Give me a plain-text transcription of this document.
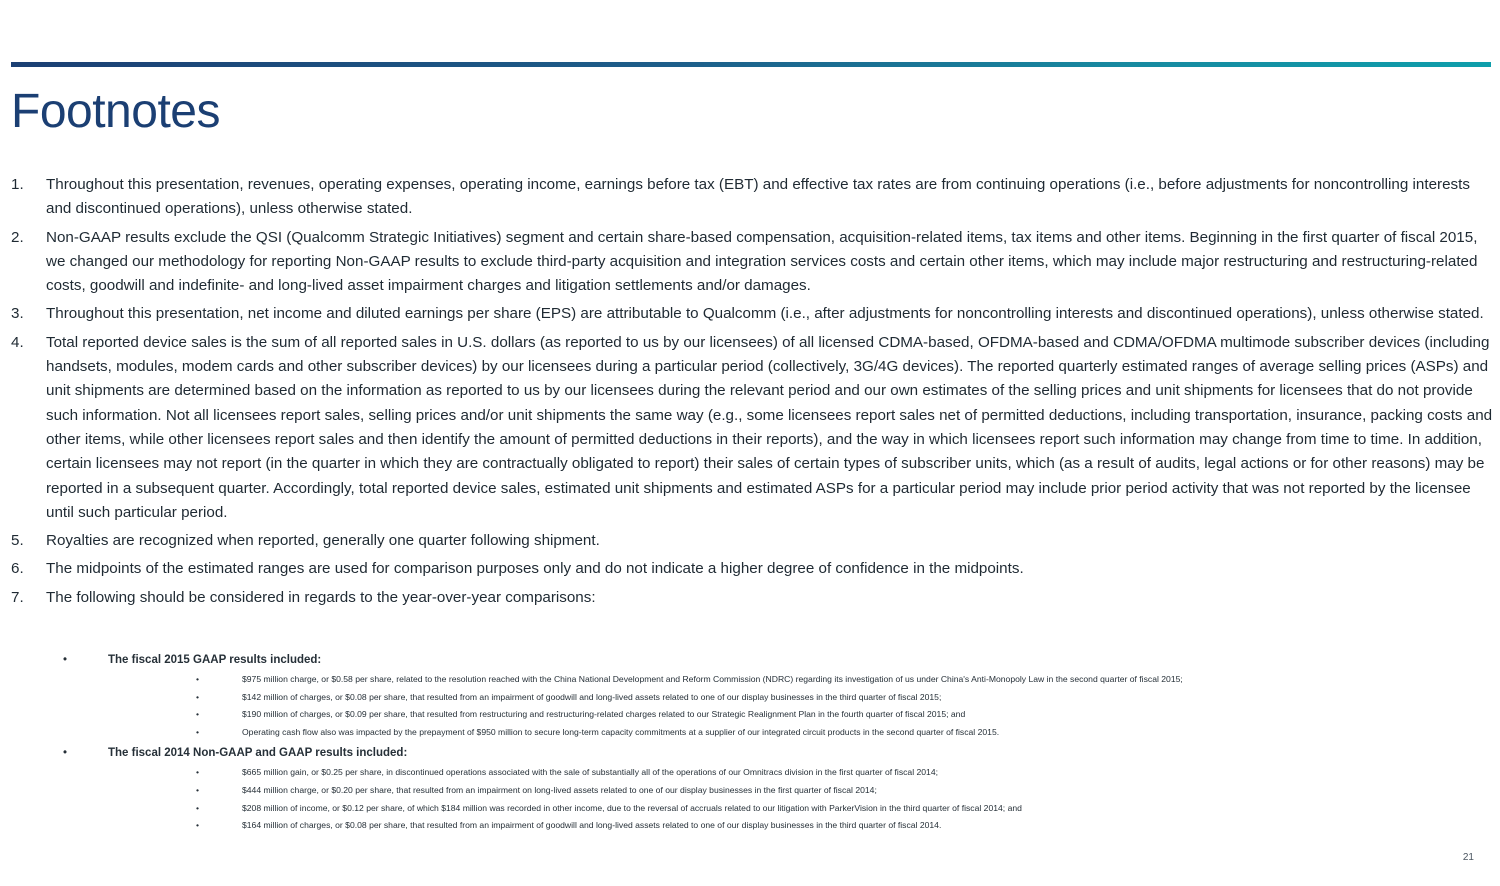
Footnotes
1. Throughout this presentation, revenues, operating expenses, operating income, earnings before tax (EBT) and effective tax rates are from continuing operations (i.e., before adjustments for noncontrolling interests and discontinued operations), unless otherwise stated.
2. Non-GAAP results exclude the QSI (Qualcomm Strategic Initiatives) segment and certain share-based compensation, acquisition-related items, tax items and other items. Beginning in the first quarter of fiscal 2015, we changed our methodology for reporting Non-GAAP results to exclude third-party acquisition and integration services costs and certain other items, which may include major restructuring and restructuring-related costs, goodwill and indefinite- and long-lived asset impairment charges and litigation settlements and/or damages.
3. Throughout this presentation, net income and diluted earnings per share (EPS) are attributable to Qualcomm (i.e., after adjustments for noncontrolling interests and discontinued operations), unless otherwise stated.
4. Total reported device sales is the sum of all reported sales in U.S. dollars (as reported to us by our licensees) of all licensed CDMA-based, OFDMA-based and CDMA/OFDMA multimode subscriber devices (including handsets, modules, modem cards and other subscriber devices) by our licensees during a particular period (collectively, 3G/4G devices). The reported quarterly estimated ranges of average selling prices (ASPs) and unit shipments are determined based on the information as reported to us by our licensees during the relevant period and our own estimates of the selling prices and unit shipments for licensees that do not provide such information. Not all licensees report sales, selling prices and/or unit shipments the same way (e.g., some licensees report sales net of permitted deductions, including transportation, insurance, packing costs and other items, while other licensees report sales and then identify the amount of permitted deductions in their reports), and the way in which licensees report such information may change from time to time. In addition, certain licensees may not report (in the quarter in which they are contractually obligated to report) their sales of certain types of subscriber units, which (as a result of audits, legal actions or for other reasons) may be reported in a subsequent quarter. Accordingly, total reported device sales, estimated unit shipments and estimated ASPs for a particular period may include prior period activity that was not reported by the licensee until such particular period.
5. Royalties are recognized when reported, generally one quarter following shipment.
6. The midpoints of the estimated ranges are used for comparison purposes only and do not indicate a higher degree of confidence in the midpoints.
7. The following should be considered in regards to the year-over-year comparisons:
•	The fiscal 2015 GAAP results included:
•	$975 million charge, or $0.58 per share, related to the resolution reached with the China National Development and Reform Commission (NDRC) regarding its investigation of us under China's Anti-Monopoly Law in the second quarter of fiscal 2015;
•	$142 million of charges, or $0.08 per share, that resulted from an impairment of goodwill and long-lived assets related to one of our display businesses in the third quarter of fiscal 2015;
•	$190 million of charges, or $0.09 per share, that resulted from restructuring and restructuring-related charges related to our Strategic Realignment Plan in the fourth quarter of fiscal 2015; and
•	Operating cash flow also was impacted by the prepayment of $950 million to secure long-term capacity commitments at a supplier of our integrated circuit products in the second quarter of fiscal 2015.
•	The fiscal 2014 Non-GAAP and GAAP results included:
•	$665 million gain, or $0.25 per share, in discontinued operations associated with the sale of substantially all of the operations of our Omnitracs division in the first quarter of fiscal 2014;
•	$444 million charge, or $0.20 per share, that resulted from an impairment on long-lived assets related to one of our display businesses in the first quarter of fiscal 2014;
•	$208 million of income, or $0.12 per share, of which $184 million was recorded in other income, due to the reversal of accruals related to our litigation with ParkerVision in the third quarter of fiscal 2014; and
•	$164 million of charges, or $0.08 per share, that resulted from an impairment of goodwill and long-lived assets related to one of our display businesses in the third quarter of fiscal 2014.
21
